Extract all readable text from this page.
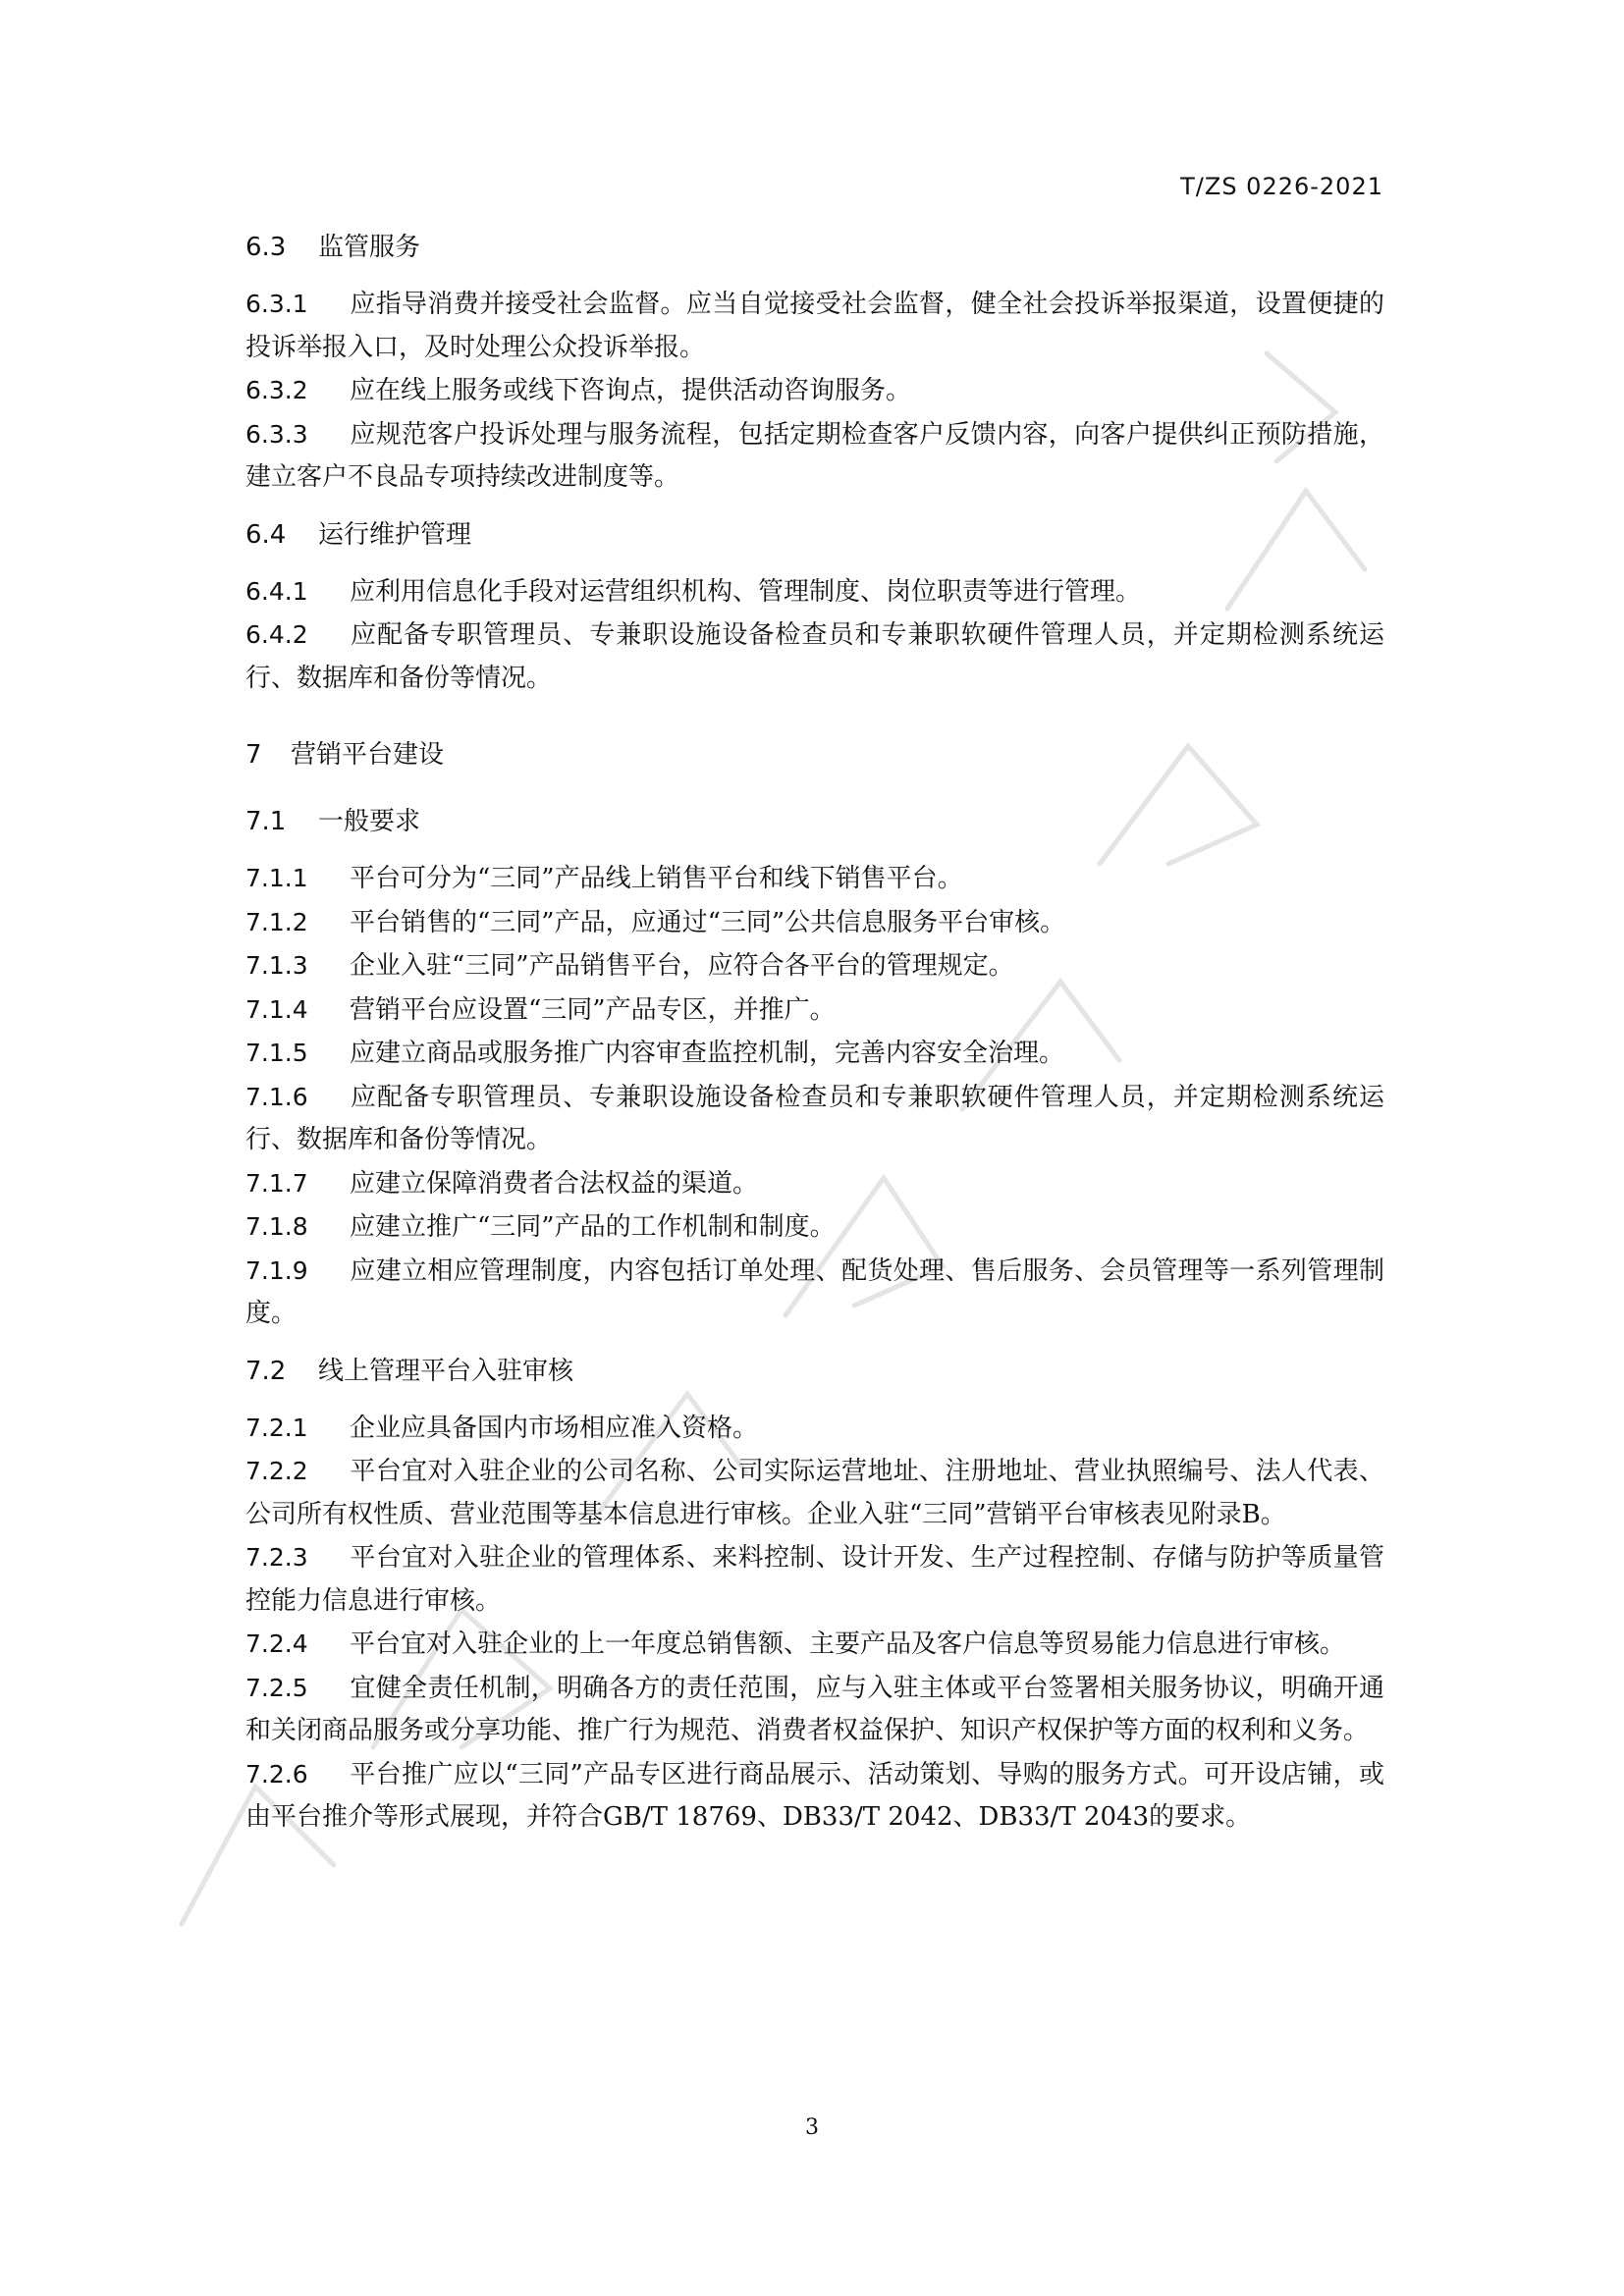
T/ZS 0226-2021
6.3 监管服务
6.3.1 应指导消费并接受社会监督。应当自觉接受社会监督，健全社会投诉举报渠道，设置便捷的投诉举报入口，及时处理公众投诉举报。
6.3.2 应在线上服务或线下咨询点，提供活动咨询服务。
6.3.3 应规范客户投诉处理与服务流程，包括定期检查客户反馈内容，向客户提供纠正预防措施，建立客户不良品专项持续改进制度等。
6.4 运行维护管理
6.4.1 应利用信息化手段对运营组织机构、管理制度、岗位职责等进行管理。
6.4.2 应配备专职管理员、专兼职设施设备检查员和专兼职软硬件管理人员，并定期检测系统运行、数据库和备份等情况。
7 营销平台建设
7.1 一般要求
7.1.1 平台可分为“三同”产品线上销售平台和线下销售平台。
7.1.2 平台销售的“三同”产品，应通过“三同”公共信息服务平台审核。
7.1.3 企业入驻“三同”产品销售平台，应符合各平台的管理规定。
7.1.4 营销平台应设置“三同”产品专区，并推广。
7.1.5 应建立商品或服务推广内容审查监控机制，完善内容安全治理。
7.1.6 应配备专职管理员、专兼职设施设备检查员和专兼职软硬件管理人员，并定期检测系统运行、数据库和备份等情况。
7.1.7 应建立保障消费者合法权益的渠道。
7.1.8 应建立推广“三同”产品的工作机制和制度。
7.1.9 应建立相应管理制度，内容包括订单处理、配货处理、售后服务、会员管理等一系列管理制度。
7.2 线上管理平台入驻审核
7.2.1 企业应具备国内市场相应准入资格。
7.2.2 平台宜对入驻企业的公司名称、公司实际运营地址、注册地址、营业执照编号、法人代表、公司所有权性质、营业范围等基本信息进行审核。企业入驻“三同”营销平台审核表见附录B。
7.2.3 平台宜对入驻企业的管理体系、来料控制、设计开发、生产过程控制、存储与防护等质量管控能力信息进行审核。
7.2.4 平台宜对入驻企业的上一年度总销售额、主要产品及客户信息等贸易能力信息进行审核。
7.2.5 宜健全责任机制，明确各方的责任范围，应与入驻主体或平台签署相关服务协议，明确开通和关闭商品服务或分享功能、推广行为规范、消费者权益保护、知识产权保护等方面的权利和义务。
7.2.6 平台推广应以“三同”产品专区进行商品展示、活动策划、导购的服务方式。可开设店铺，或由平台推介等形式展现，并符合GB/T 18769、DB33/T 2042、DB33/T 2043的要求。
3
